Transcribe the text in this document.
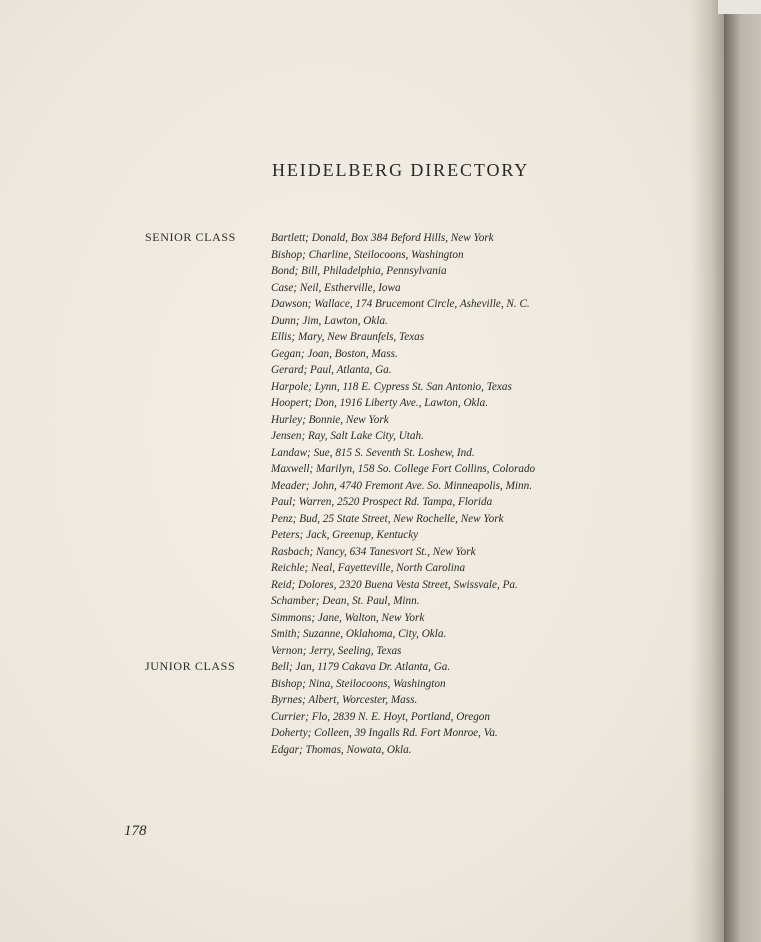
HEIDELBERG DIRECTORY
SENIOR CLASS	Bartlett; Donald, Box 384 Beford Hills, New York
Bishop; Charline, Steilocoons, Washington
Bond; Bill, Philadelphia, Pennsylvania
Case; Neil, Estherville, Iowa
Dawson; Wallace, 174 Brucemont Circle, Asheville, N. C.
Dunn; Jim, Lawton, Okla.
Ellis; Mary, New Braunfels, Texas
Gegan; Joan, Boston, Mass.
Gerard; Paul, Atlanta, Ga.
Harpole; Lynn, 118 E. Cypress St. San Antonio, Texas
Hoopert; Don, 1916 Liberty Ave., Lawton, Okla.
Hurley; Bonnie, New York
Jensen; Ray, Salt Lake City, Utah.
Landaw; Sue, 815 S. Seventh St. Loshew, Ind.
Maxwell; Marilyn, 158 So. College Fort Collins, Colorado
Meader; John, 4740 Fremont Ave. So. Minneapolis, Minn.
Paul; Warren, 2520 Prospect Rd. Tampa, Florida
Penz; Bud, 25 State Street, New Rochelle, New York
Peters; Jack, Greenup, Kentucky
Rasbach; Nancy, 634 Tanesvort St., New York
Reichle; Neal, Fayetteville, North Carolina
Reid; Dolores, 2320 Buena Vesta Street, Swissvale, Pa.
Schamber; Dean, St. Paul, Minn.
Simmons; Jane, Walton, New York
Smith; Suzanne, Oklahoma, City, Okla.
Vernon; Jerry, Seeling, Texas
JUNIOR CLASS	Bell; Jan, 1179 Cakava Dr. Atlanta, Ga.
Bishop; Nina, Steilocoons, Washington
Byrnes; Albert, Worcester, Mass.
Currier; Flo, 2839 N. E. Hoyt, Portland, Oregon
Doherty; Colleen, 39 Ingalls Rd. Fort Monroe, Va.
Edgar; Thomas, Nowata, Okla.
178
